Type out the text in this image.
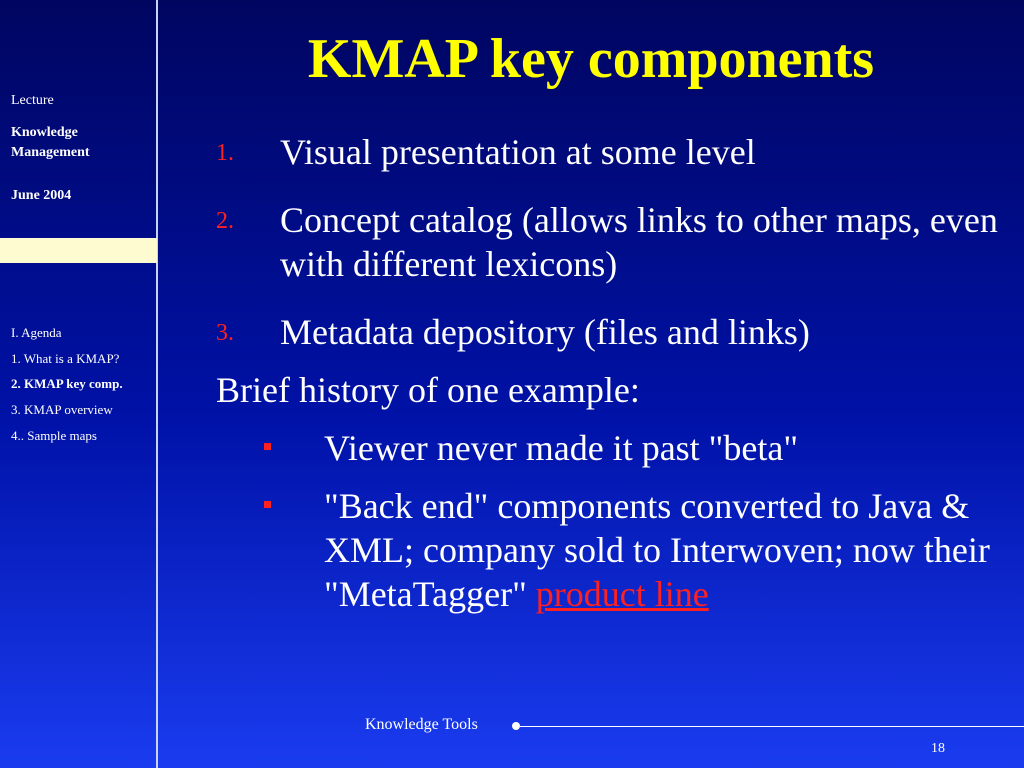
Lecture
Knowledge
Management
June 2004
I. Agenda
1. What is a KMAP?
2. KMAP key comp.
3. KMAP overview
4.. Sample maps
KMAP key components
1. Visual presentation at some level
2. Concept catalog (allows links to other maps, even with different lexicons)
3. Metadata depository (files and links)
Brief history of one example:
Viewer never made it past "beta"
"Back end" components converted to Java & XML; company sold to Interwoven; now their "MetaTagger" product line
Knowledge Tools
18
